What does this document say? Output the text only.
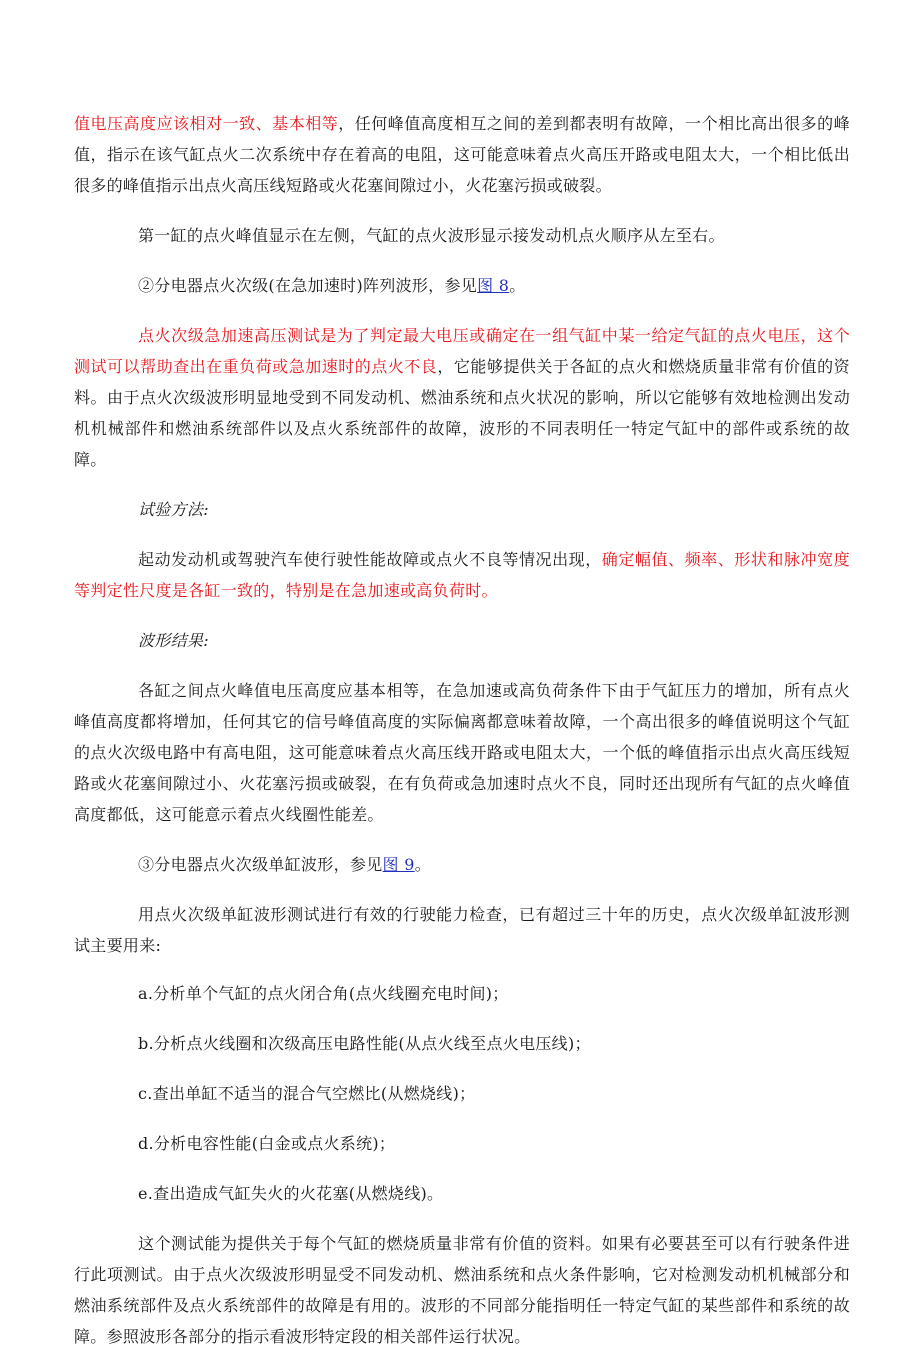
值电压高度应该相对一致、基本相等，任何峰值高度相互之间的差到都表明有故障，一个相比高出很多的峰值，指示在该气缸点火二次系统中存在着高的电阻，这可能意味着点火高压开路或电阻太大，一个相比低出很多的峰值指示出点火高压线短路或火花塞间隙过小，火花塞污损或破裂。

第一缸的点火峰值显示在左侧，气缸的点火波形显示接发动机点火顺序从左至右。

②分电器点火次级(在急加速时)阵列波形，参见图 8。

点火次级急加速高压测试是为了判定最大电压或确定在一组气缸中某一给定气缸的点火电压，这个测试可以帮助查出在重负荷或急加速时的点火不良，它能够提供关于各缸的点火和燃烧质量非常有价值的资料。由于点火次级波形明显地受到不同发动机、燃油系统和点火状况的影响，所以它能够有效地检测出发动机机械部件和燃油系统部件以及点火系统部件的故障，波形的不同表明任一特定气缸中的部件或系统的故障。

试验方法:

起动发动机或驾驶汽车使行驶性能故障或点火不良等情况出现，确定幅值、频率、形状和脉冲宽度等判定性尺度是各缸一致的，特别是在急加速或高负荷时。

波形结果:

各缸之间点火峰值电压高度应基本相等，在急加速或高负荷条件下由于气缸压力的增加，所有点火峰值高度都将增加，任何其它的信号峰值高度的实际偏离都意味着故障，一个高出很多的峰值说明这个气缸的点火次级电路中有高电阻，这可能意味着点火高压线开路或电阻太大，一个低的峰值指示出点火高压线短路或火花塞间隙过小、火花塞污损或破裂，在有负荷或急加速时点火不良，同时还出现所有气缸的点火峰值高度都低，这可能意示着点火线圈性能差。

③分电器点火次级单缸波形，参见图 9。

用点火次级单缸波形测试进行有效的行驶能力检查，已有超过三十年的历史，点火次级单缸波形测试主要用来:

a.分析单个气缸的点火闭合角(点火线圈充电时间)；
b.分析点火线圈和次级高压电路性能(从点火线至点火电压线)；
c.查出单缸不适当的混合气空燃比(从燃烧线)；
d.分析电容性能(白金或点火系统)；
e.查出造成气缸失火的火花塞(从燃烧线)。

这个测试能为提供关于每个气缸的燃烧质量非常有价值的资料。如果有必要甚至可以有行驶条件进行此项测试。由于点火次级波形明显受不同发动机、燃油系统和点火条件影响，它对检测发动机机械部分和燃油系统部件及点火系统部件的故障是有用的。波形的不同部分能指明任一特定气缸的某些部件和系统的故障。参照波形各部分的指示看波形特定段的相关部件运行状况。
